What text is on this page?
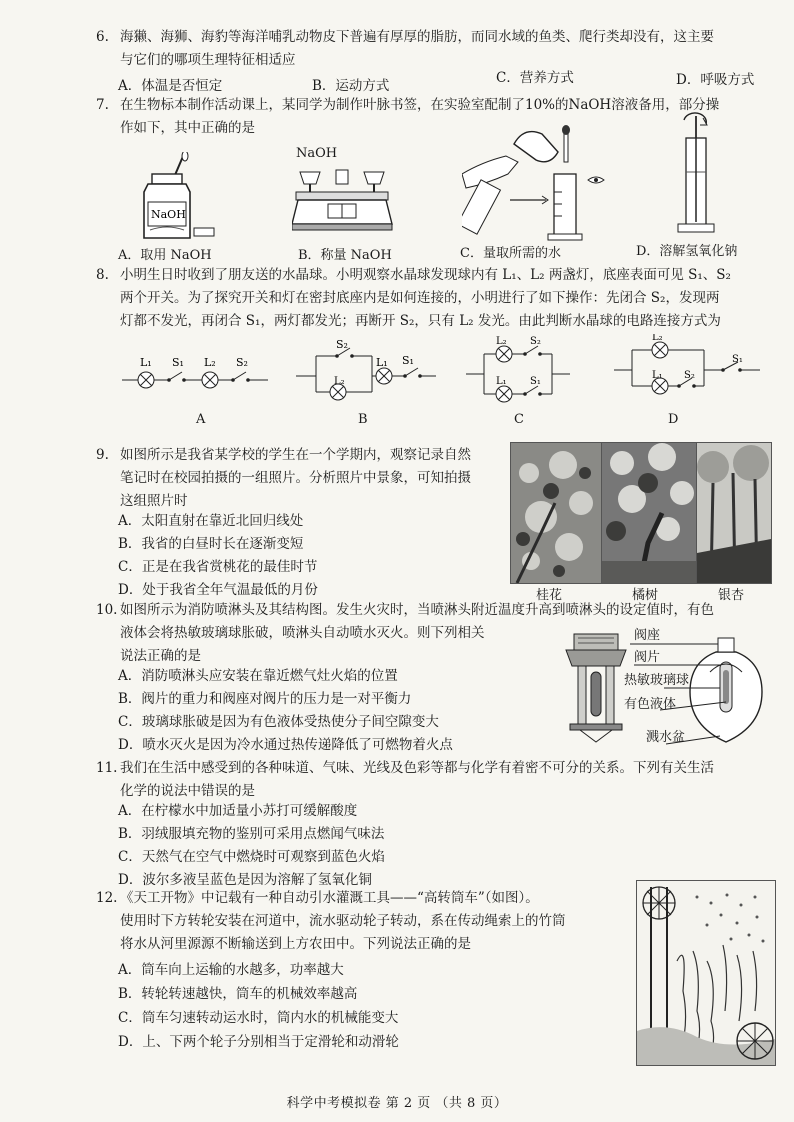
6. 海獭、海狮、海豹等海洋哺乳动物皮下普遍有厚厚的脂肪，而同水域的鱼类、爬行类却没有，这主要
与它们的哪项生理特征相适应
A．体温是否恒定	B．运动方式	C．营养方式	D．呼吸方式
7. 在生物标本制作活动课上，某同学为制作叶脉书签，在实验室配制了10%的NaOH溶液备用，部分操
作如下，其中正确的是
NaOH
NaOH
A．取用 NaOH	B．称量 NaOH	C．量取所需的水	D．溶解氢氧化钠
8. 小明生日时收到了朋友送的水晶球。小明观察水晶球发现球内有 L₁、L₂ 两盏灯，底座表面可见 S₁、S₂
两个开关。为了探究开关和灯在密封底座内是如何连接的，小明进行了如下操作：先闭合 S₂，发现两
灯都不发光，再闭合 S₁，两灯都发光；再断开 S₂，只有 L₂ 发光。由此判断水晶球的电路连接方式为
L₁ S₁ L₂ S₂
A
S₂
L₂
L₁ S₁
B
L₂ S₂
L₁ S₁
C
L₂
L₁ S₂
S₁
D
9. 如图所示是我省某学校的学生在一个学期内，观察记录自然
笔记时在校园拍摄的一组照片。分析照片中景象，可知拍摄
这组照片时
A．太阳直射在靠近北回归线处
B．我省的白昼时长在逐渐变短
C．正是在我省赏桃花的最佳时节
D．处于我省全年气温最低的月份	桂花	橘树	银杏
10. 如图所示为消防喷淋头及其结构图。发生火灾时，当喷淋头附近温度升高到喷淋头的设定值时，有色
液体会将热敏玻璃球胀破，喷淋头自动喷水灭火。则下列相关
说法正确的是
A．消防喷淋头应安装在靠近燃气灶火焰的位置
B．阀片的重力和阀座对阀片的压力是一对平衡力
C．玻璃球胀破是因为有色液体受热使分子间空隙变大
D．喷水灭火是因为冷水通过热传递降低了可燃物着火点
阀座
阀片
热敏玻璃球
有色液体
溅水盆
11. 我们在生活中感受到的各种味道、气味、光线及色彩等都与化学有着密不可分的关系。下列有关生活
化学的说法中错误的是
A．在柠檬水中加适量小苏打可缓解酸度
B．羽绒服填充物的鉴别可采用点燃闻气味法
C．天然气在空气中燃烧时可观察到蓝色火焰
D．波尔多液呈蓝色是因为溶解了氢氧化铜
12. 《天工开物》中记载有一种自动引水灌溉工具——“高转筒车”（如图）。
使用时下方转轮安装在河道中，流水驱动轮子转动，系在传动绳索上的竹筒
将水从河里源源不断输送到上方农田中。下列说法正确的是
A．筒车向上运输的水越多，功率越大
B．转轮转速越快，筒车的机械效率越高
C．筒车匀速转动运水时，筒内水的机械能变大
D．上、下两个轮子分别相当于定滑轮和动滑轮
科学中考模拟卷 第 2 页 （共 8 页）
